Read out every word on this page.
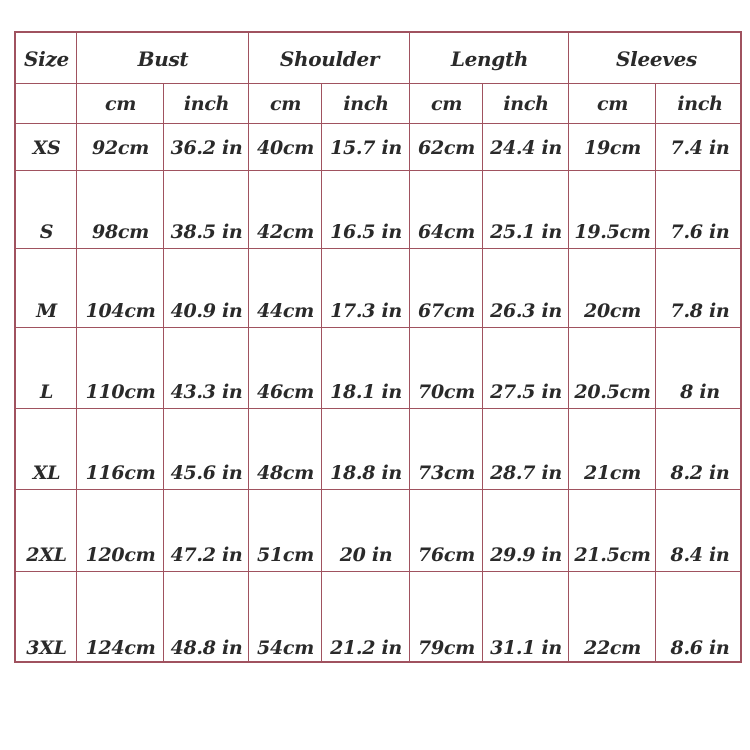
Size	Bust	Shoulder	Length	Sleeves
cm	inch	cm	inch	cm	inch	cm	inch
XS	92cm	36.2 in 40cm 15.7 in 62cm 24.4 in	19cm	7.4 in
S	98cm	38.5 in 42cm 16.5 in 64cm 25.1 in 19.5cm	7.6 in
M	104cm 40.9 in 44cm 17.3 in 67cm 26.3 in	20cm	7.8 in
L	110cm 43.3 in 46cm 18.1 in 70cm 27.5 in 20.5cm	8 in
XL	116cm 45.6 in 48cm 18.8 in 73cm 28.7 in	21cm	8.2 in
2XL 120cm 47.2 in 51cm	20 in	76cm 29.9 in 21.5cm	8.4 in
3XL 124cm 48.8 in 54cm 21.2 in 79cm 31.1 in	22cm	8.6 in
